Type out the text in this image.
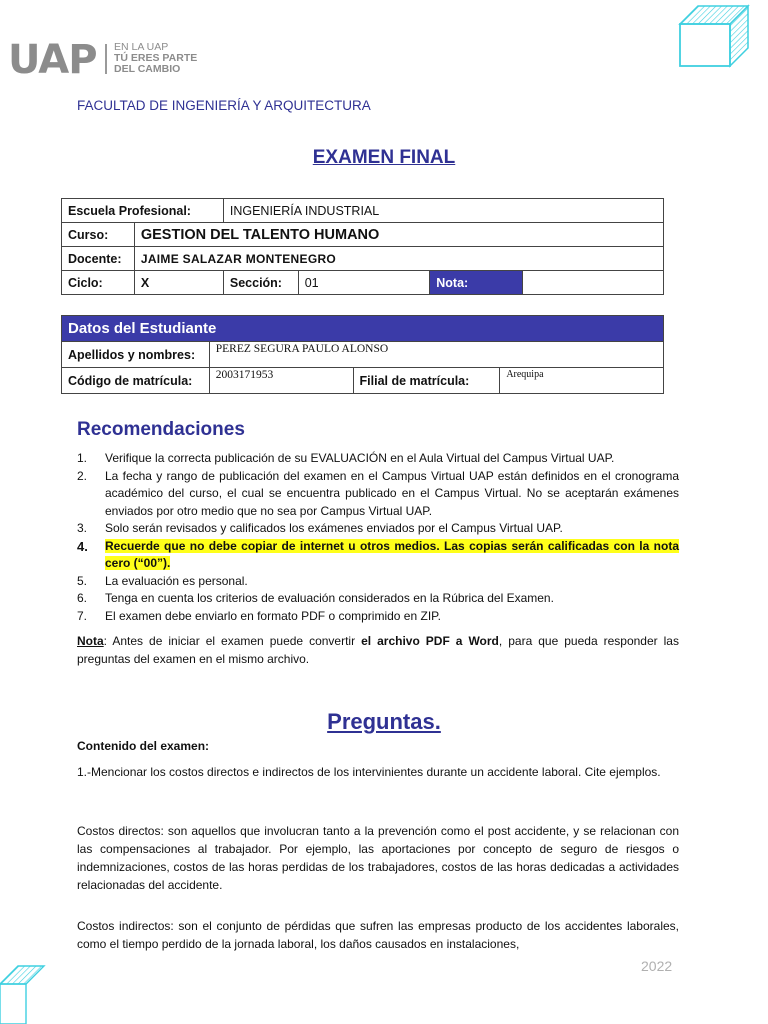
UAP EN LA UAP
TÚ ERES PARTE
DEL CAMBIO
FACULTAD DE INGENIERÍA Y ARQUITECTURA
EXAMEN FINAL
Escuela Profesional:		INGENIERÍA INDUSTRIAL			
Curso:	GESTION DEL TALENTO HUMANO				
Docente:	JAIME SALAZAR MONTENEGRO				
Ciclo:	X	Sección:	01	Nota:	
Datos del Estudiante			
Apellidos y nombres:	PEREZ SEGURA PAULO ALONSO		
Código de matrícula:	2003171953	Filial de matrícula:	Arequipa
Recomendaciones
1.	Verifique la correcta publicación de su EVALUACIÓN en el Aula Virtual del Campus Virtual UAP.
2.	La fecha y rango de publicación del examen en el Campus Virtual UAP están definidos en el cronograma académico del curso, el cual se encuentra publicado en el Campus Virtual. No se aceptarán exámenes enviados por otro medio que no sea por Campus Virtual UAP.
3.	Solo serán revisados y calificados los exámenes enviados por el Campus Virtual UAP.
4.	Recuerde que no debe copiar de internet u otros medios. Las copias serán calificadas con la nota cero (“00”).
5.	La evaluación es personal.
6.	Tenga en cuenta los criterios de evaluación considerados en la Rúbrica del Examen.
7.	El examen debe enviarlo en formato PDF o comprimido en ZIP.
Nota: Antes de iniciar el examen puede convertir el archivo PDF a Word, para que pueda responder las preguntas del examen en el mismo archivo.
Preguntas.
Contenido del examen:
1.-Mencionar los costos directos e indirectos de los intervinientes durante un accidente laboral. Cite ejemplos.
Costos directos: son aquellos que involucran tanto a la prevención como el post accidente, y se relacionan con las compensaciones al trabajador. Por ejemplo, las aportaciones por concepto de seguro de riesgos o indemnizaciones, costos de las horas perdidas de los trabajadores, costos de las horas dedicadas a actividades relacionadas del accidente.
Costos indirectos: son el conjunto de pérdidas que sufren las empresas producto de los accidentes laborales, como el tiempo perdido de la jornada laboral, los daños causados en instalaciones,
2022
